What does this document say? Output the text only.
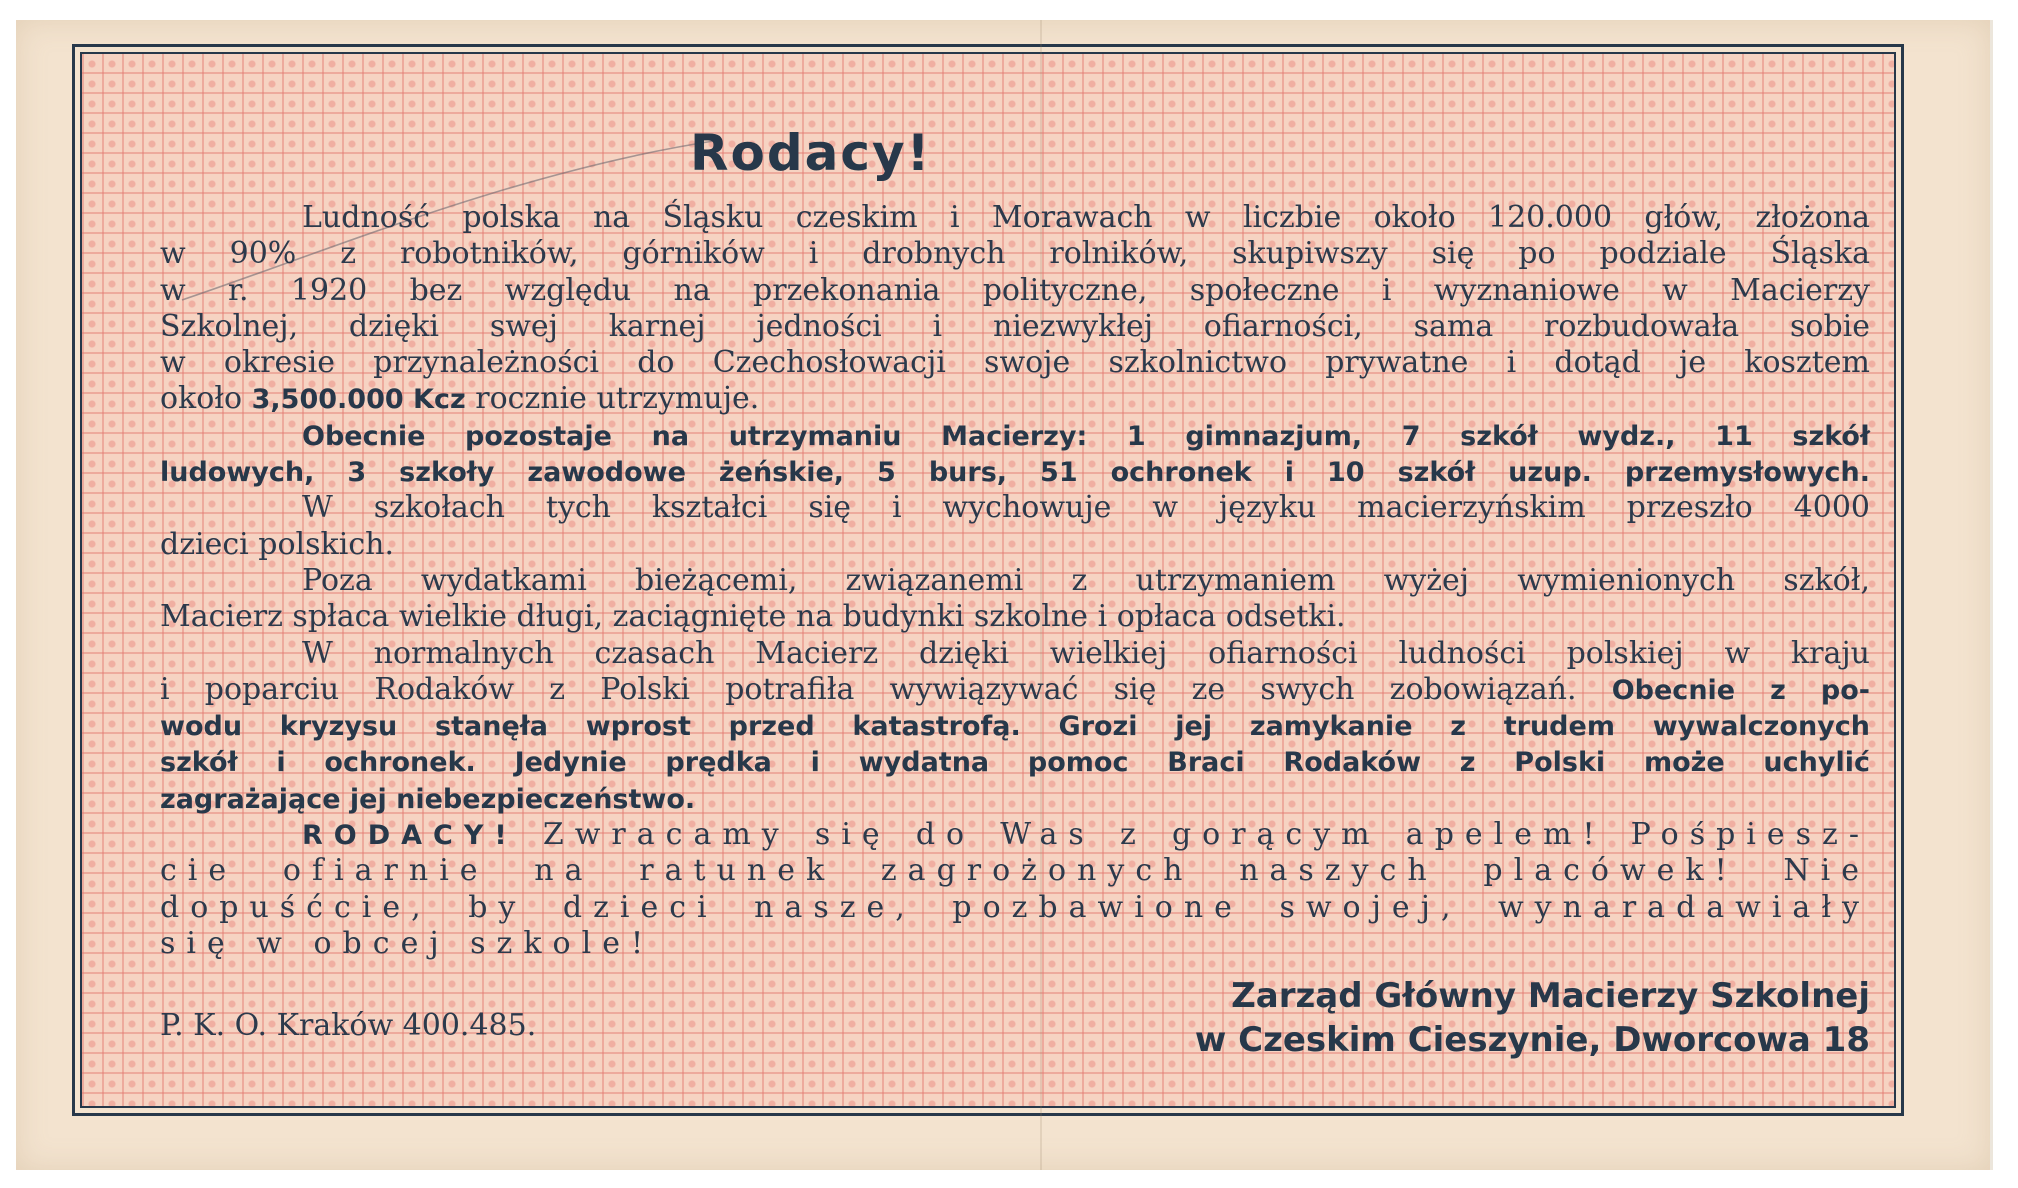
Rodacy!
Ludność polska na Śląsku czeskim i Morawach w liczbie około 120.000 głów, złożona
w 90% z robotników, górników i drobnych rolników, skupiwszy się po podziale Śląska
w r. 1920 bez względu na przekonania polityczne, społeczne i wyznaniowe w Macierzy
Szkolnej, dzięki swej karnej jedności i niezwykłej ofiarności, sama rozbudowała sobie
w okresie przynależności do Czechosłowacji swoje szkolnictwo prywatne i dotąd je kosztem
około 3,500.000 Kcz rocznie utrzymuje.
Obecnie pozostaje na utrzymaniu Macierzy: 1 gimnazjum, 7 szkół wydz., 11 szkół
ludowych, 3 szkoły zawodowe żeńskie, 5 burs, 51 ochronek i 10 szkół uzup. przemysłowych.
W szkołach tych kształci się i wychowuje w języku macierzyńskim przeszło 4000
dzieci polskich.
Poza wydatkami bieżącemi, związanemi z utrzymaniem wyżej wymienionych szkół,
Macierz spłaca wielkie długi, zaciągnięte na budynki szkolne i opłaca odsetki.
W normalnych czasach Macierz dzięki wielkiej ofiarności ludności polskiej w kraju
i poparciu Rodaków z Polski potrafiła wywiązywać się ze swych zobowiązań. Obecnie z po-
wodu kryzysu stanęła wprost przed katastrofą. Grozi jej zamykanie z trudem wywalczonych
szkół i ochronek. Jedynie prędka i wydatna pomoc Braci Rodaków z Polski może uchylić
zagrażające jej niebezpieczeństwo.
RODACY! Zwracamy się do Was z gorącym apelem! Pośpiesz-
cie ofiarnie na ratunek zagrożonych naszych placówek! Nie
dopuśćcie, by dzieci nasze, pozbawione swojej, wynaradawiały
się w obcej szkole!
P. K. O. Kraków 400.485.
Zarząd Główny Macierzy Szkolnej
w Czeskim Cieszynie, Dworcowa 18
